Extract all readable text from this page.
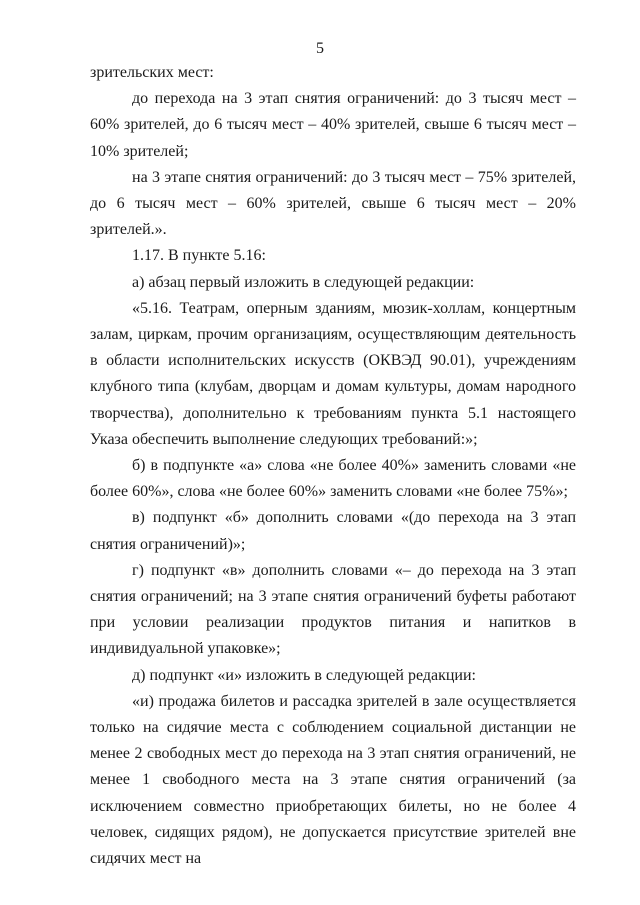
5

зрительских мест:

до перехода на 3 этап снятия ограничений: до 3 тысяч мест – 60% зрителей, до 6 тысяч мест – 40% зрителей, свыше 6 тысяч мест – 10% зрителей;

на 3 этапе снятия ограничений: до 3 тысяч мест – 75% зрителей, до 6 тысяч мест – 60% зрителей, свыше 6 тысяч мест – 20% зрителей.».

1.17. В пункте 5.16:

а) абзац первый изложить в следующей редакции:

«5.16. Театрам, оперным зданиям, мюзик-холлам, концертным залам, циркам, прочим организациям, осуществляющим деятельность в области исполнительских искусств (ОКВЭД 90.01), учреждениям клубного типа (клубам, дворцам и домам культуры, домам народного творчества), дополнительно к требованиям пункта 5.1 настоящего Указа обеспечить выполнение следующих требований:»;

б) в подпункте «а» слова «не более 40%» заменить словами «не более 60%», слова «не более 60%» заменить словами «не более 75%»;

в) подпункт «б» дополнить словами «(до перехода на 3 этап снятия ограничений)»;

г) подпункт «в» дополнить словами «– до перехода на 3 этап снятия ограничений; на 3 этапе снятия ограничений буфеты работают при условии реализации продуктов питания и напитков в индивидуальной упаковке»;

д) подпункт «и» изложить в следующей редакции:

«и) продажа билетов и рассадка зрителей в зале осуществляется только на сидячие места с соблюдением социальной дистанции не менее 2 свободных мест до перехода на 3 этап снятия ограничений, не менее 1 свободного места на 3 этапе снятия ограничений (за исключением совместно приобретающих билеты, но не более 4 человек, сидящих рядом), не допускается присутствие зрителей вне сидячих мест на
